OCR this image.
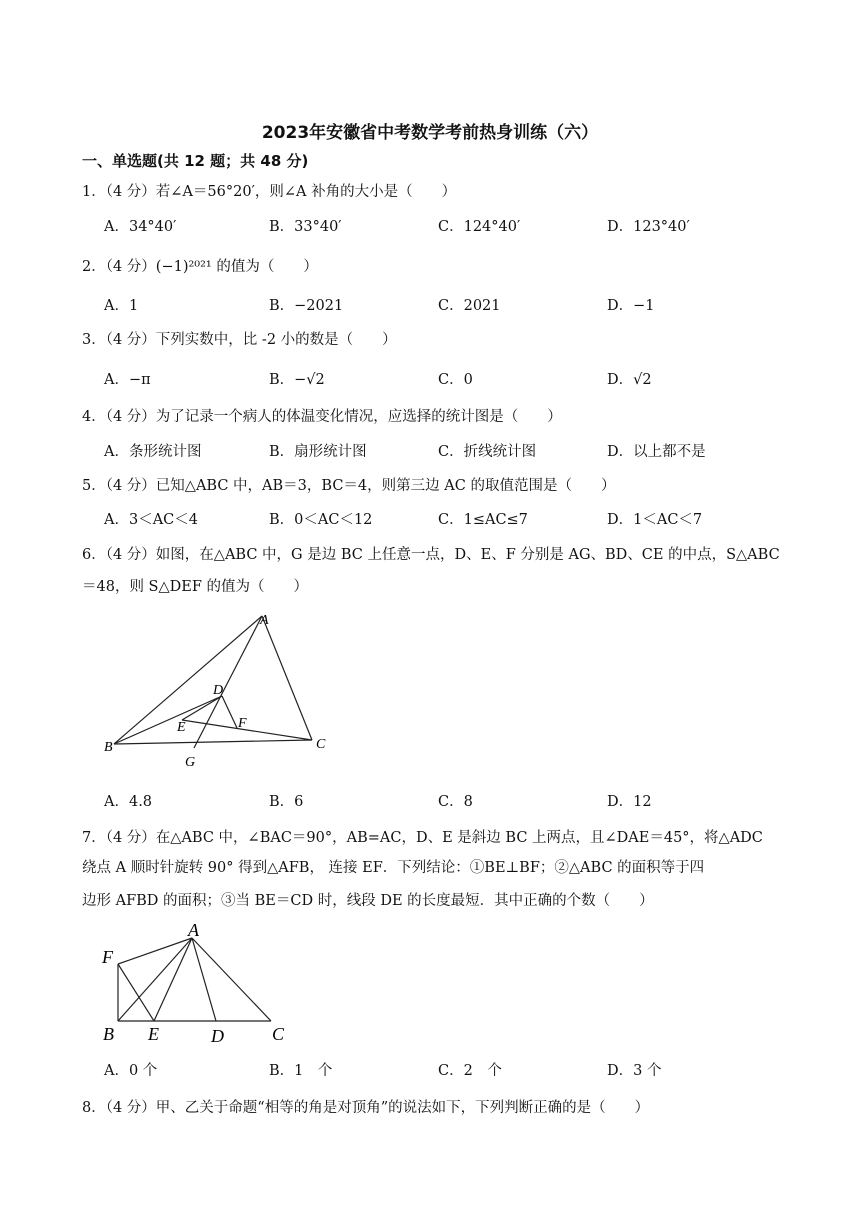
2023年安徽省中考数学考前热身训练（六）
一、单选题(共 12 题；共 48 分)
1．（4 分）若∠A＝56°20′，则∠A 补角的大小是（　　）
A．34°40′	B．33°40′	C．124°40′	D．123°40′
2．（4 分）(−1)²⁰²¹ 的值为（　　）
A．1	B．−2021	C．2021	D．−1
3．（4 分）下列实数中，比 -2 小的数是（　　）
A．−π	B．−√2	C．0	D．√2
4．（4 分）为了记录一个病人的体温变化情况，应选择的统计图是（　　）
A．条形统计图	B．扇形统计图	C．折线统计图	D．以上都不是
5．（4 分）已知△ABC 中，AB＝3，BC＝4，则第三边 AC 的取值范围是（　　）
A．3＜AC＜4	B．0＜AC＜12	C．1≤AC≤7	D．1＜AC＜7
6．（4 分）如图，在△ABC 中，G 是边 BC 上任意一点，D、E、F 分别是 AG、BD、CE 的中点，S△ABC
＝48，则 S△DEF 的值为（　　）
A
B	C
D
E	F
G
A．4.8	B．6	C．8	D．12
7．（4 分）在△ABC 中，∠BAC＝90°，AB=AC，D、E 是斜边 BC 上两点，且∠DAE＝45°，将△ADC
绕点 A 顺时针旋转 90° 得到△AFB， 连接 EF．下列结论：①BE⊥BF；②△ABC 的面积等于四
边形 AFBD 的面积；③当 BE＝CD 时，线段 DE 的长度最短．其中正确的个数（　　）
A
F
B E	D	C
A．0 个	B．1　个	C．2　个	D．3 个
8．（4 分）甲、乙关于命题“相等的角是对顶角”的说法如下，下列判断正确的是（　　）
